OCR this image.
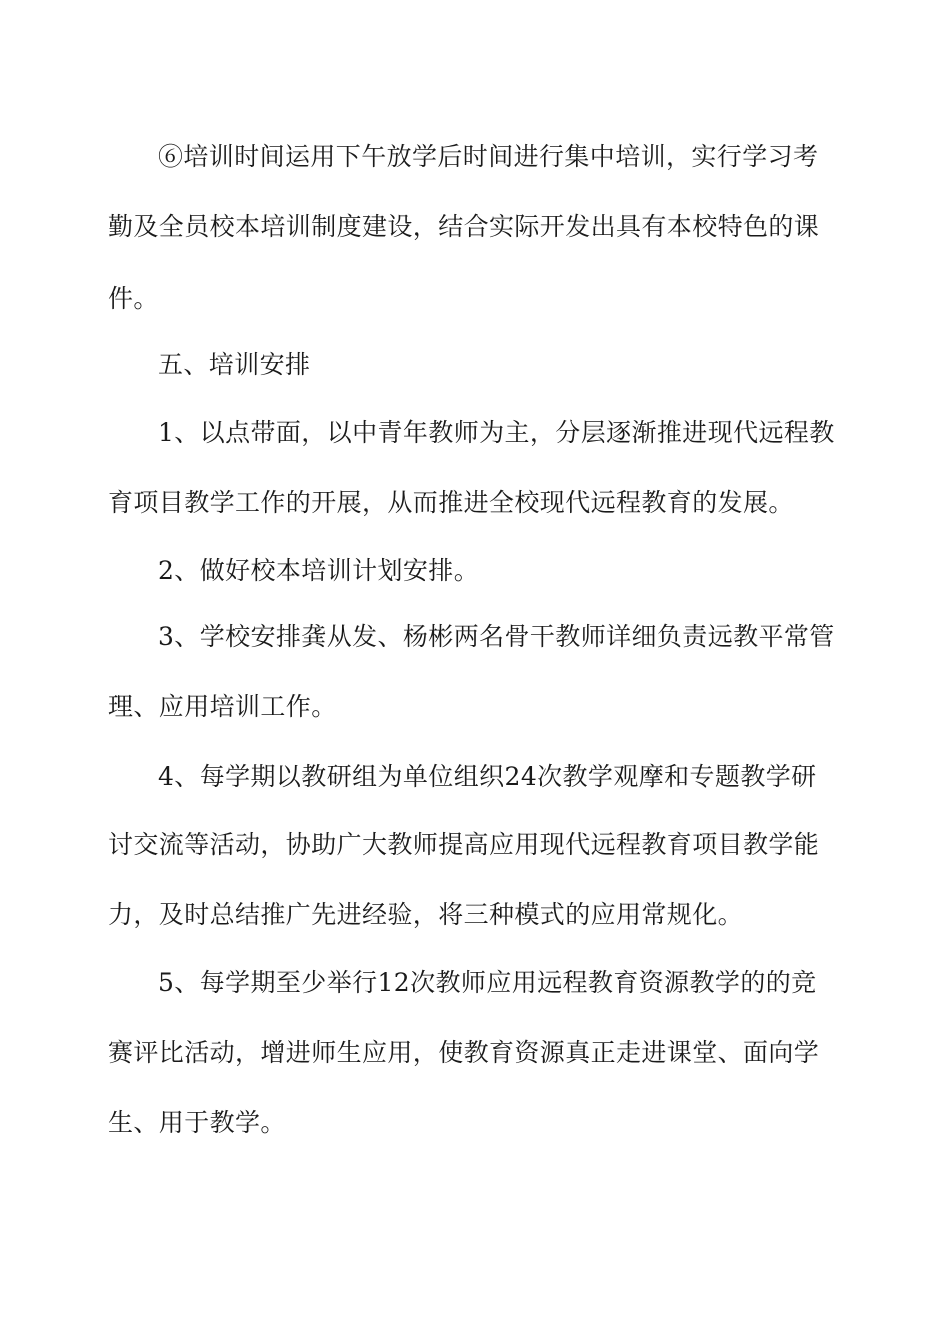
⑥培训时间运用下午放学后时间进行集中培训，实行学习考
勤及全员校本培训制度建设，结合实际开发出具有本校特色的课
件。
五、培训安排
1、以点带面，以中青年教师为主，分层逐渐推进现代远程教
育项目教学工作的开展，从而推进全校现代远程教育的发展。
2、做好校本培训计划安排。
3、学校安排龚从发、杨彬两名骨干教师详细负责远教平常管
理、应用培训工作。
4、每学期以教研组为单位组织24次教学观摩和专题教学研
讨交流等活动，协助广大教师提高应用现代远程教育项目教学能
力，及时总结推广先进经验，将三种模式的应用常规化。
5、每学期至少举行12次教师应用远程教育资源教学的的竞
赛评比活动，增进师生应用，使教育资源真正走进课堂、面向学
生、用于教学。
